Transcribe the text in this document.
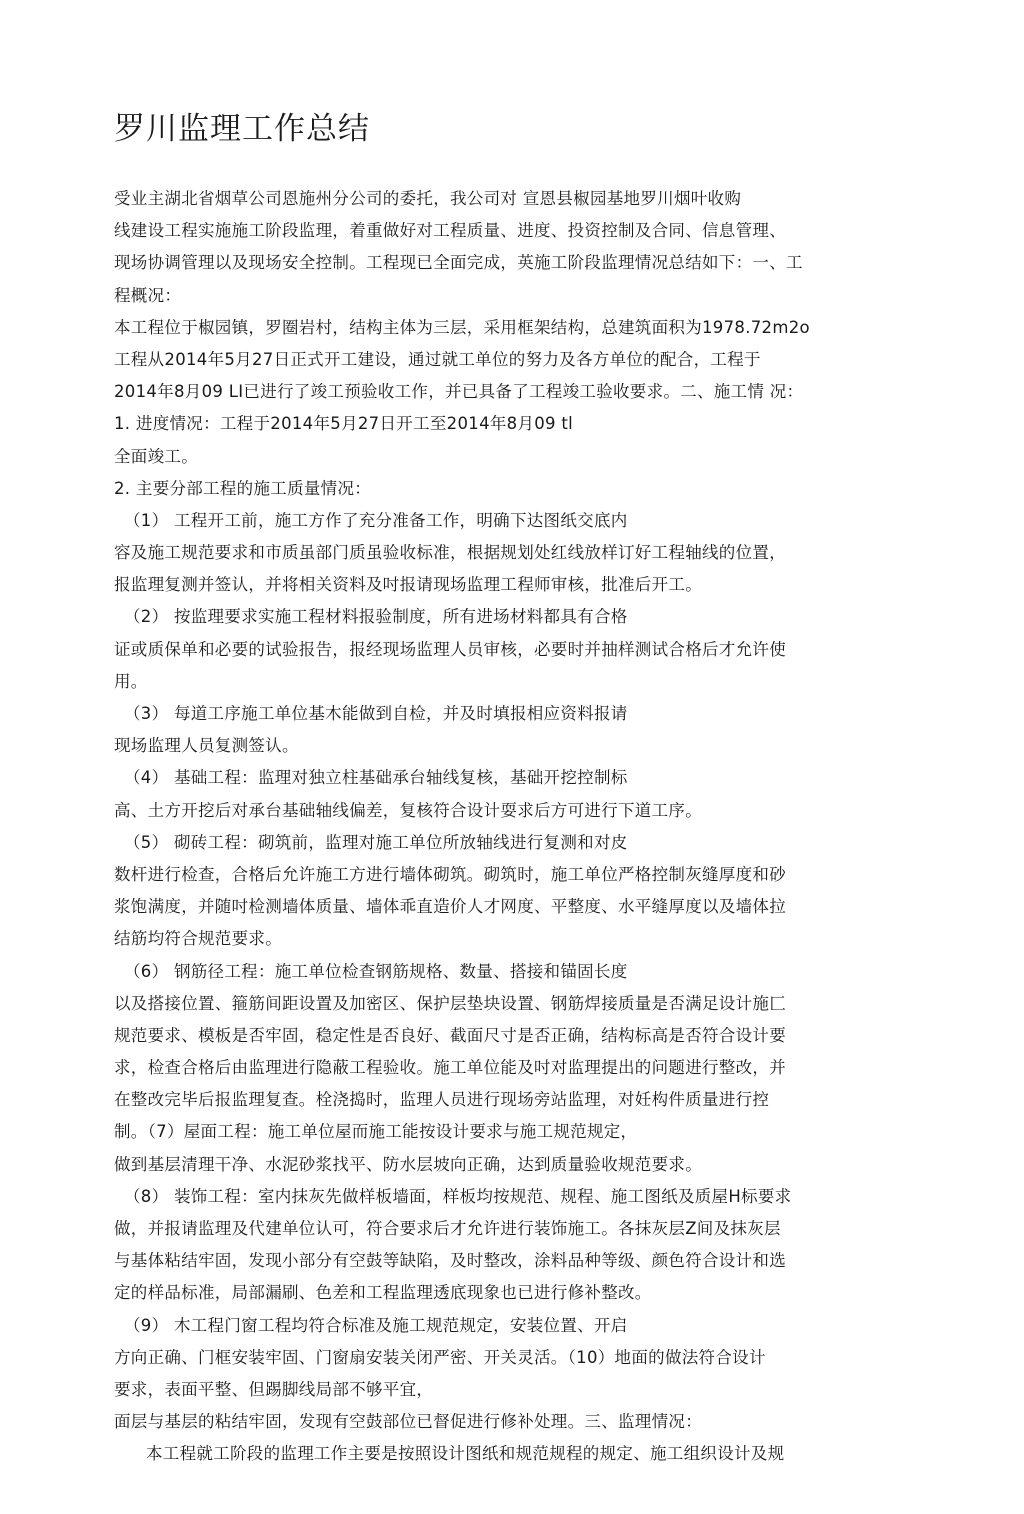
罗川监理工作总结
受业主湖北省烟草公司恩施州分公司的委托，我公司对 宣恩县椒园基地罗川烟叶收购
线建设工程实施施工阶段监理，着重做好对工程质量、进度、投资控制及合同、信息管理、
现场协调管理以及现场安全控制。工程现已全面完成，英施工阶段监理情况总结如下：一、工
程概况：
本工程位于椒园镇，罗圈岩村，结构主体为三层，采用框架结构，总建筑面积为1978.72m2o
工程从2014年5月27日正式开工建设，通过就工单位的努力及各方单位的配合，工程于
2014年8月09 LI已进行了竣工预验收工作，并已具备了工程竣工验收要求。二、施工情 况：
1. 进度情况：工程于2014年5月27日开工至2014年8月09 tl
全面竣工。
2. 主要分部工程的施工质量情况：
（1） 工程开工前，施工方作了充分准备工作，明确下达图纸交底内
容及施工规范要求和市质虽部门质虽验收标准，根据规划处红线放样订好工程轴线的位置，
报监理复测并签认，并将相关资料及吋报请现场监理工程师审核，批准后开工。
（2） 按监理要求实施工程材料报验制度，所有进场材料都具有合格
证或质保单和必要的试验报告，报经现场监理人员审核，必要时并抽样测试合格后才允许使
用。
（3） 每道工序施工单位基木能做到自检，并及时填报相应资料报请
现场监理人员复测签认。
（4） 基础工程：监理对独立柱基础承台轴线复核，基础开挖控制标
高、土方开挖后对承台基础轴线偏差，复核符合设计耍求后方可进行下道工序。
（5） 砌砖工程：砌筑前，监理对施工单位所放轴线进行复测和对皮
数杆进行检查，合格后允许施工方进行墙体砌筑。砌筑时，施工单位严格控制灰缝厚度和砂
浆饱满度，并随吋检测墙体质量、墙体乖直造价人才网度、平整度、水平缝厚度以及墙体拉
结筋均符合规范要求。
（6） 钢筋径工程：施工单位检查钢筋规格、数量、搭接和锚固长度
以及搭接位置、箍筋间距设置及加密区、保护层垫块设置、钢筋焊接质量是否满足设计施匚
规范要求、模板是否牢固，稳定性是否良好、截面尺寸是否正确，结构标高是否符合设计要
求，检查合格后由监理进行隐蔽工程验收。施工单位能及吋对监理提出的问题进行整改，并
在整改完毕后报监理复查。栓浇捣时，监理人员进行现场旁站监理，对妊构件质量进行控
制。（7）屋面工程：施工单位屋而施工能按设计要求与施工规范规定，
做到基层清理干净、水泥砂浆找平、防水层坡向正确，达到质量验收规范要求。
（8） 装饰工程：室内抹灰先做样板墙面，样板均按规范、规程、施工图纸及质屋H标要求
做，并报请监理及代建单位认可，符合要求后才允许进行装饰施工。各抹灰层Z间及抹灰层
与基体粘结牢固，发现小部分有空鼓等缺陷，及时整改，涂料品种等级、颜色符合设计和选
定的样品标准，局部漏刷、色差和工程监理透底现象也已进行修补整改。
（9） 木工程门窗工程均符合标准及施工规范规定，安装位置、开启
方向正确、门框安装牢固、门窗扇安装关闭严密、开关灵活。（10）地面的做法符合设计
要求，表面平整、但踢脚线局部不够平宜，
面层与基层的粘结牢固，发现有空鼓部位已督促进行修补处理。三、监理情况：
本工程就工阶段的监理工作主要是按照设计图纸和规范规程的规定、施工组织设计及规
